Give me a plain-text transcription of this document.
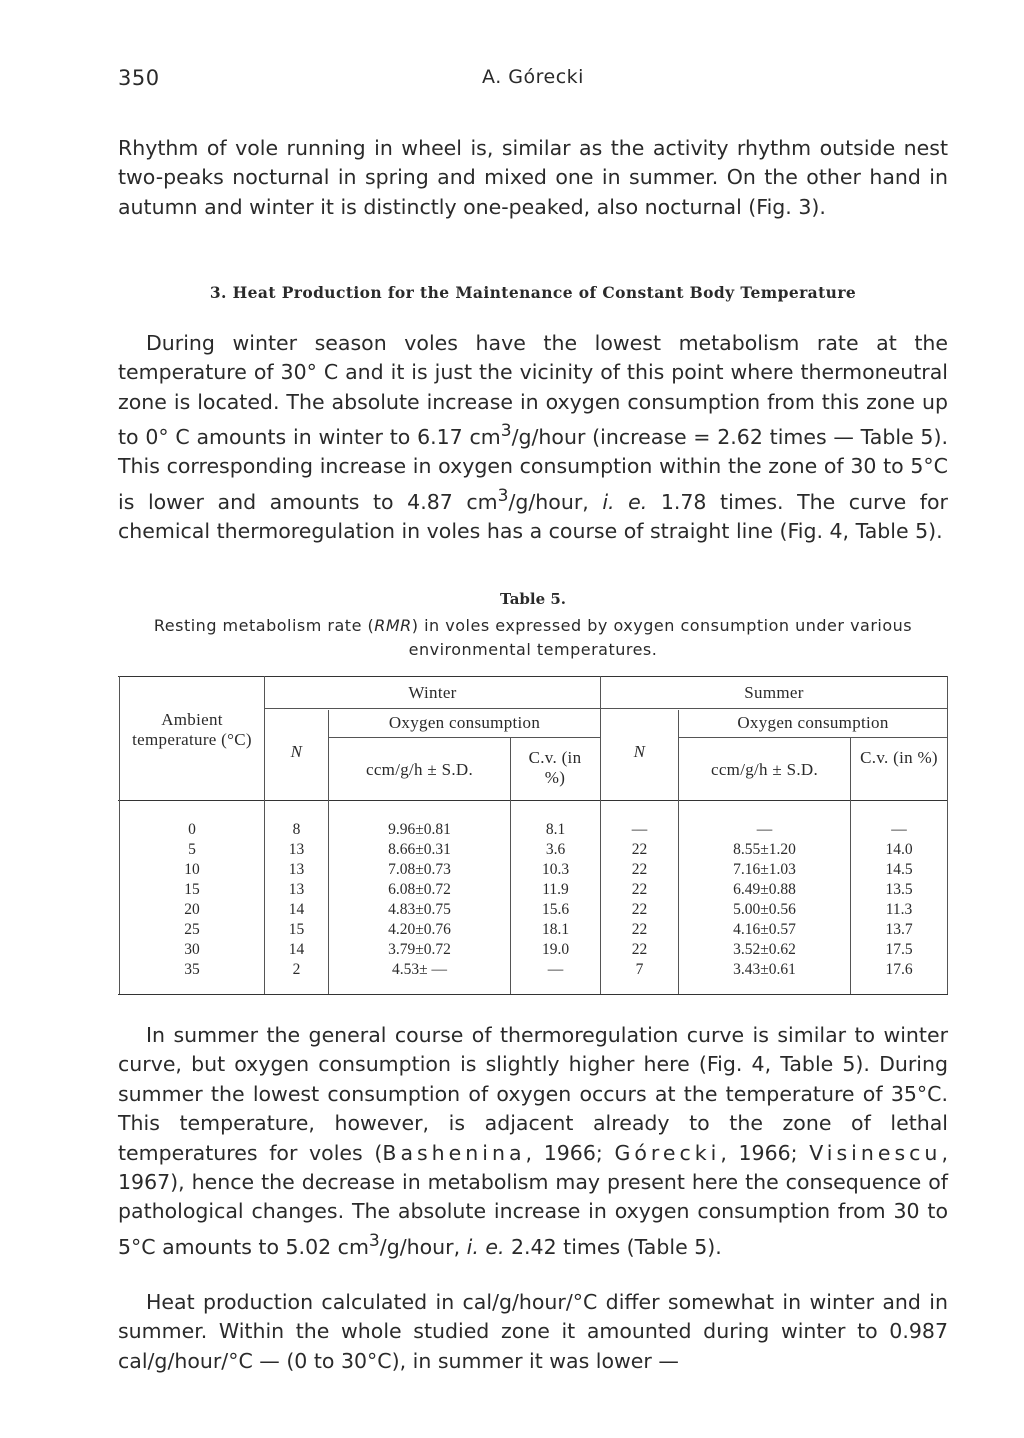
350	A. Górecki

Rhythm of vole running in wheel is, similar as the activity rhythm outside nest two-peaks nocturnal in spring and mixed one in summer. On the other hand in autumn and winter it is distinctly one-peaked, also nocturnal (Fig. 3).

3. Heat Production for the Maintenance of Constant Body Temperature

During winter season voles have the lowest metabolism rate at the temperature of 30° C and it is just the vicinity of this point where thermoneutral zone is located. The absolute increase in oxygen consumption from this zone up to 0° C amounts in winter to 6.17 $cm^3/g$/hour (increase = 2.62 times — Table 5). This corresponding increase in oxygen consumption within the zone of 30 to 5°C is lower and amounts to 4.87 $cm^3/g$/hour, i. e. 1.78 times. The curve for chemical thermoregulation in voles has a course of straight line (Fig. 4, Table 5).

Table 5.
Resting metabolism rate (RMR) in voles expressed by oxygen consumption under various environmental temperatures.
Ambient temperature (°C)
Winter	Summer
N	N
Oxygen consumption	Oxygen consumption
ccm/g/h ± S.D.	ccm/g/h ± S.D.
C.v. (in %)
C.v. (in %)
0	8	9.96±0.81	8.1	—	—	—
5	13	8.66±0.31	3.6	22	8.55±1.20	14.0
10	13	7.08±0.73	10.3	22	7.16±1.03	14.5
15	13	6.08±0.72	11.9	22	6.49±0.88	13.5
20	14	4.83±0.75	15.6	22	5.00±0.56	11.3
25	15	4.20±0.76	18.1	22	4.16±0.57	13.7
30	14	3.79±0.72	19.0	22	3.52±0.62	17.5
35	2	4.53± —	—	7	3.43±0.61	17.6

In summer the general course of thermoregulation curve is similar to winter curve, but oxygen consumption is slightly higher here (Fig. 4, Table 5). During summer the lowest consumption of oxygen occurs at the temperature of 35°C. This temperature, however, is adjacent already to the zone of lethal temperatures for voles (Bashenina, 1966; Górecki, 1966; Visinescu, 1967), hence the decrease in metabolism may present here the consequence of pathological changes. The absolute increase in oxygen consumption from 30 to 5°C amounts to 5.02 $cm^3/g$/hour, i. e. 2.42 times (Table 5).

Heat production calculated in cal/g/hour/°C differ somewhat in winter and in summer. Within the whole studied zone it amounted during winter to 0.987 cal/g/hour/°C — (0 to 30°C), in summer it was lower —
